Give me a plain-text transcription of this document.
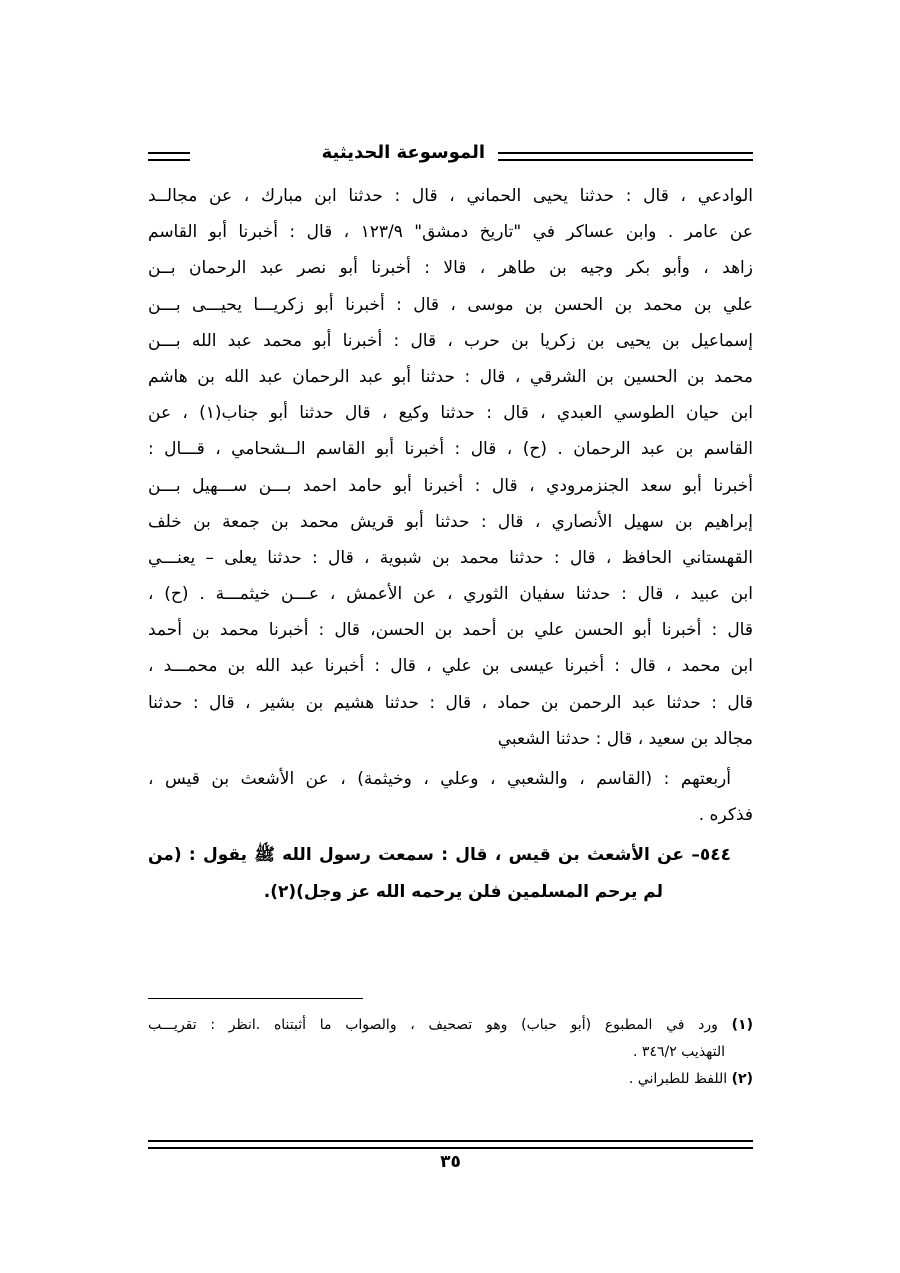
الموسوعة الحديثية
الوادعي ، قال : حدثنا يحيى الحماني ، قال : حدثنا ابن مبارك ، عن مجالــد
عن عامر . وابن عساكر في "تاريخ دمشق" ١٢٣/٩ ، قال : أخبرنا أبو القاسم
زاهد ، وأبو بكر وجيه بن طاهر ، قالا : أخبرنا أبو نصر عبد الرحمان بــن
علي بن محمد بن الحسن بن موسى ، قال : أخبرنا أبو زكريـــا يحيـــى بـــن
إسماعيل بن يحيى بن زكريا بن حرب ، قال : أخبرنا أبو محمد عبد الله بـــن
محمد بن الحسين بن الشرقي ، قال : حدثنا أبو عبد الرحمان عبد الله بن هاشم
ابن حيان الطوسي العبدي ، قال : حدثنا وكيع ، قال حدثنا أبو جناب(١) ، عن
القاسم بن عبد الرحمان . (ح) ، قال : أخبرنا أبو القاسم الــشحامي ، قـــال :
أخبرنا أبو سعد الجنزمرودي ، قال : أخبرنا أبو حامد احمد بـــن ســـهيل بـــن
إبراهيم بن سهيل الأنصاري ، قال : حدثنا أبو قريش محمد بن جمعة بن خلف
القهستاني الحافظ ، قال : حدثنا محمد بن شبوية ، قال : حدثنا يعلى – يعنـــي
ابن عبيد ، قال : حدثنا سفيان الثوري ، عن الأعمش ، عـــن خيثمـــة . (ح) ،
قال : أخبرنا أبو الحسن علي بن أحمد بن الحسن، قال : أخبرنا محمد بن أحمد
ابن محمد ، قال : أخبرنا عيسى بن علي ، قال : أخبرنا عبد الله بن محمـــد ،
قال : حدثنا عبد الرحمن بن حماد ، قال : حدثنا هشيم بن بشير ، قال : حدثنا
مجالد بن سعيد ، قال : حدثنا الشعبي
أربعتهم : (القاسم ، والشعبي ، وعلي ، وخيثمة) ، عن الأشعث بن قيس ،
فذكره .
٥٤٤– عن الأشعث بن قيس ، قال : سمعت رسول الله ﷺ يقول : (من
لم يرحم المسلمين فلن يرحمه الله عز وجل)(٢).
(١) ورد في المطبوع (أبو حباب) وهو تصحيف ، والصواب ما أثبتناه .انظر : تقريـــب
التهذيب ٣٤٦/٢ .
(٢) اللفظ للطبراني .
٣٥
